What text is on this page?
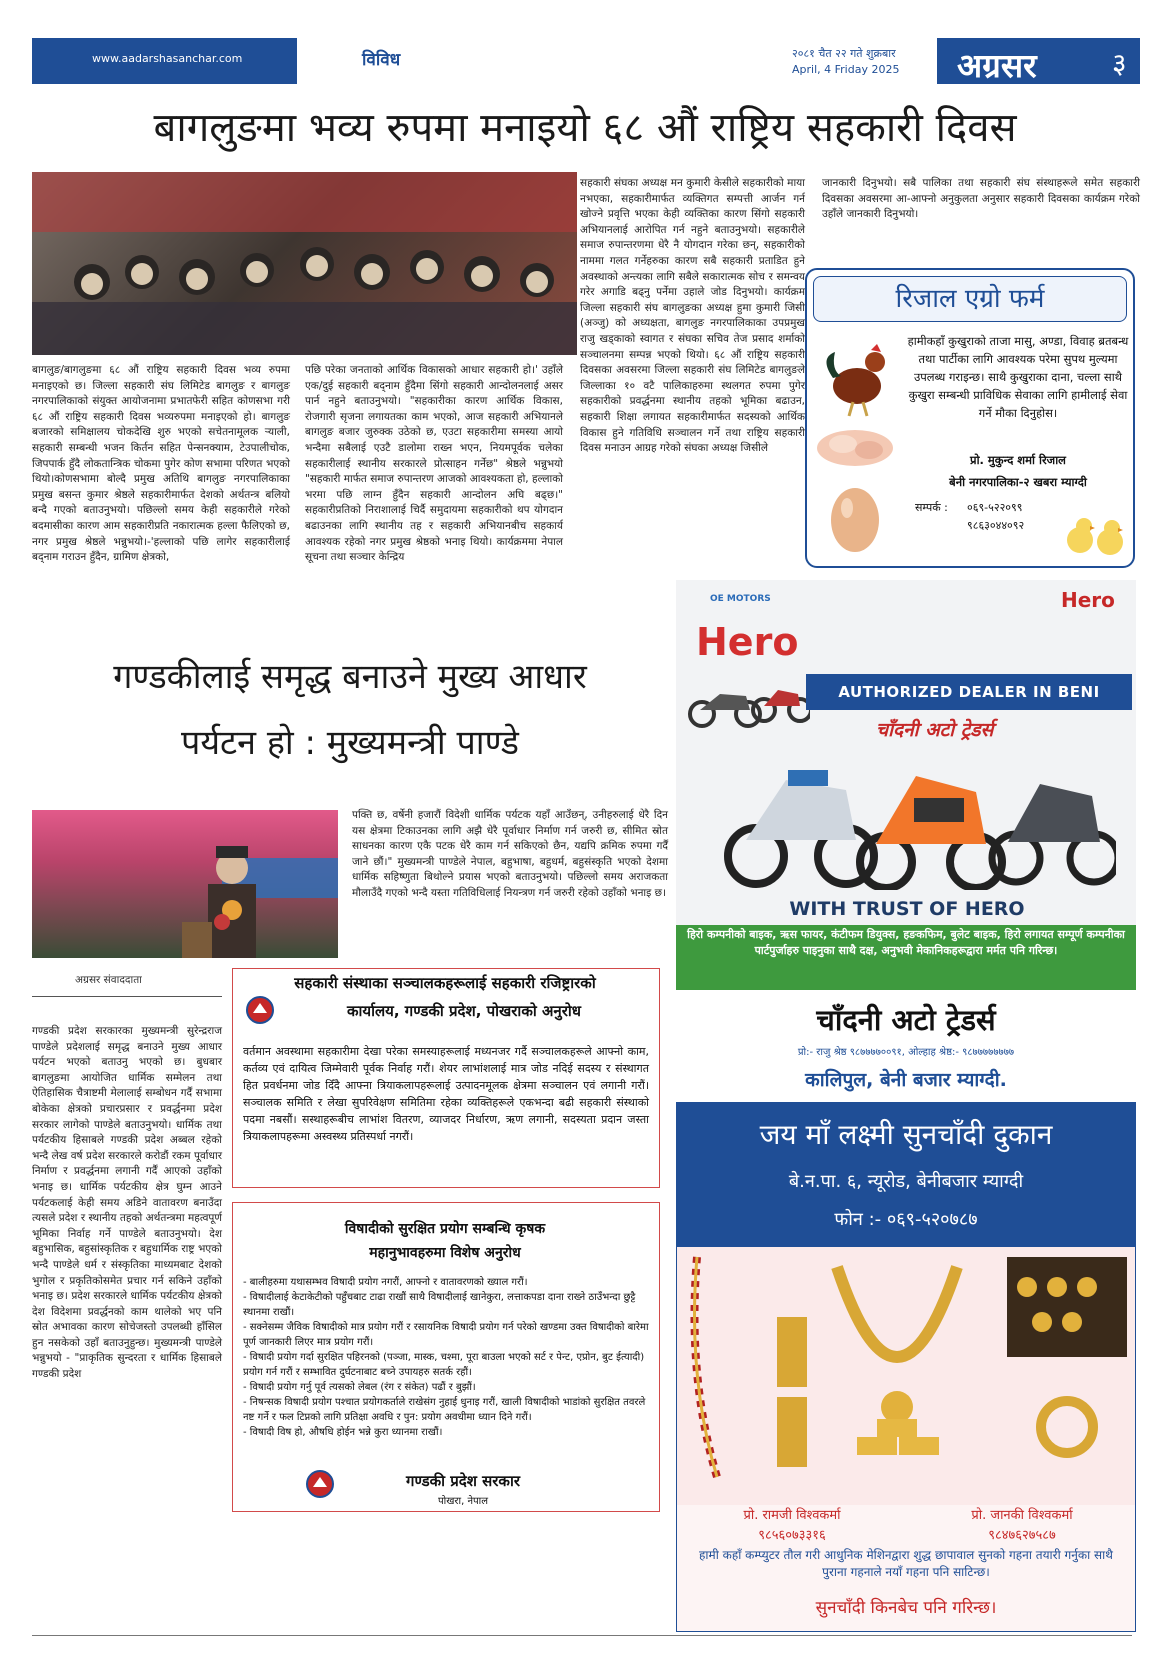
www.aadarshasanchar.com	विविध	२०८१ चैत २२ गते शुक्रबार
April, 4 Friday 2025 अग्रसर	३
बागलुङमा भव्य रुपमा मनाइयो ६८ औं राष्ट्रिय सहकारी दिवस
बागलुङ/बागलुङमा ६८ औं राष्ट्रिय सहकारी दिवस भव्य रुपमा मनाइएको छ। जिल्ला सहकारी संघ लिमिटेड बागलुङ र बागलुङ नगरपालिकाको संयुक्त आयोजनामा प्रभातफेरी सहित कोणसभा गरी ६८ औं राष्ट्रिय सहकारी दिवस भव्यरुपमा मनाइएको हो। बागलुङ बजारको समिक्षालय चोकदेखि शुरु भएको सचेतनामूलक र्‍याली, सहकारी सम्बन्धी भजन किर्तन सहित पेन्सनक्याम, टेउपालीचोक, जिपपार्क हुँदै लोकतान्त्रिक चोकमा पुगेर कोण सभामा परिणत भएको थियो।कोणसभामा बोल्दै प्रमुख अतिथि बागलुङ नगरपालिकाका प्रमुख बसन्त कुमार श्रेष्ठले सहकारीमार्फत देशको अर्थतन्त्र बलियो बन्दै गएको बताउनुभयो। पछिल्लो समय केही सहकारीले गरेको बदमासीका कारण आम सहकारीप्रति नकारात्मक हल्ला फैलिएको छ, नगर प्रमुख श्रेष्ठले भन्नुभयो।-'हल्लाको पछि लागेर सहकारीलाई बद्नाम गराउन हुँदैन, ग्रामिण क्षेत्रको,
पछि परेका जनताको आर्थिक विकासको आधार सहकारी हो।' उहाँले एक/दुई सहकारी बद्नाम हुँदैमा सिंगो सहकारी आन्दोलनलाई असर पार्न नहुने बताउनुभयो। "सहकारीका कारण आर्थिक विकास, रोजगारी सृजना लगायतका काम भएको, आज सहकारी अभियानले बागलुङ बजार जुरुक्क उठेको छ, एउटा सहकारीमा समस्या आयो भन्दैमा सबैलाई एउटै डालोमा राख्न भएन, नियमपूर्वक चलेका सहकारीलाई स्थानीय सरकारले प्रोत्साहन गर्नेछ" श्रेष्ठले भन्नुभयो "सहकारी मार्फत समाज रुपान्तरण आजको आवश्यकता हो, हल्लाको भरमा पछि लाग्न हुँदैन सहकारी आन्दोलन अघि बढ्छ।" सहकारीप्रतिको निराशालाई चिर्दै समुदायमा सहकारीको थप योगदान बढाउनका लागि स्थानीय तह र सहकारी अभियानबीच सहकार्य आवश्यक रहेको नगर प्रमुख श्रेष्ठको भनाइ थियो। कार्यक्रममा नेपाल सूचना तथा सञ्चार केन्द्रिय
सहकारी संघका अध्यक्ष मन कुमारी केसीले सहकारीको माया नभएका, सहकारीमार्फत व्यक्तिगत सम्पत्ती आर्जन गर्न खोज्ने प्रवृत्ति भएका केही व्यक्तिका कारण सिंगो सहकारी अभियानलाई आरोपित गर्न नहुने बताउनुभयो। सहकारीले समाज रुपान्तरणमा धेरै नै योगदान गरेका छन्, सहकारीको नाममा गलत गर्नेहरुका कारण सबै सहकारी प्रताडित हुने अवस्थाको अन्त्यका लागि सबैले सकारात्मक सोच र समन्वय गरेर अगाडि बढ्नु पर्नेमा उहाले जोड दिनुभयो। कार्यक्रम जिल्ला सहकारी संघ बागलुङका अध्यक्ष हुमा कुमारी जिसी (अञ्जु) को अध्यक्षता, बागलुङ नगरपालिकाका उपप्रमुख राजु खड्काको स्वागत र संघका सचिव तेज प्रसाद शर्माको सञ्चालनमा सम्पन्न भएको थियो। ६८ औं राष्ट्रिय सहकारी दिवसका अवसरमा जिल्ला सहकारी संघ लिमिटेड बागलुङले जिल्लाका १० वटै पालिकाहरुमा स्थलगत रुपमा पुगेर सहकारीको प्रवर्द्धनमा स्थानीय तहको भूमिका बढाउन, सहकारी शिक्षा लगायत सहकारीमार्फत सदस्यको आर्थिक विकास हुने गतिविधि सञ्चालन गर्ने तथा राष्ट्रिय सहकारी दिवस मनाउन आग्रह गरेको संघका अध्यक्ष जिसीले
जानकारी दिनुभयो। सबै पालिका तथा सहकारी संघ संस्थाहरूले समेत सहकारी दिवसका अवसरमा आ-आफ्नो अनुकुलता अनुसार सहकारी दिवसका कार्यक्रम गरेको उहाँले जानकारी दिनुभयो।
रिजाल एग्रो फर्म
हामीकहाँ कुखुराको ताजा मासु, अण्डा, विवाह ब्रतबन्ध तथा पार्टीका लागि आवश्यक परेमा सुपथ मुल्यमा उपलब्ध गराइन्छ। साथै कुखुराका दाना, चल्ला साथै कुखुरा सम्बन्धी प्राविधिक सेवाका लागि हामीलाई सेवा गर्ने मौका दिनुहोस।
प्रो. मुकुन्द शर्मा रिजाल
बेनी नगरपालिका-२ खबरा म्याग्दी
सम्पर्क : ०६९-५२२०९९
९८६३०४४०९२
गण्डकीलाई समृद्ध बनाउने मुख्य आधार
पर्यटन हो : मुख्यमन्त्री पाण्डे
पक्ति छ, वर्षेनी हजारौं विदेशी धार्मिक पर्यटक यहाँ आउँछन्, उनीहरुलाई धेरै दिन यस क्षेत्रमा टिकाउनका लागि अझै धेरै पूर्वाधार निर्माण गर्न जरुरी छ, सीमित स्रोत साधनका कारण एकै पटक धेरै काम गर्न सकिएको छैन, यद्यपि क्रमिक रुपमा गर्दैं जाने छौं।" मुख्यमन्त्री पाण्डेले नेपाल, बहुभाषा, बहुधर्म, बहुसंस्कृति भएको देशमा धार्मिक सहिष्णुता बिथोल्ने प्रयास भएको बताउनुभयो। पछिल्लो समय अराजकता मौलाउँदै गएको भन्दै यस्ता गतिविधिलाई नियन्त्रण गर्न जरुरी रहेको उहाँको भनाइ छ।
अग्रसर संवाददाता
गण्डकी प्रदेश सरकारका मुख्यमन्त्री सुरेन्द्रराज पाण्डेले प्रदेशलाई समृद्ध बनाउने मुख्य आधार पर्यटन भएको बताउनु भएको छ। बुधबार बागलुङमा आयोजित धार्मिक सम्मेलन तथा ऐतिहासिक चैत्राष्टमी मेलालाई सम्बोधन गर्दैं सभामा बोकेका क्षेत्रको प्रचारप्रसार र प्रवर्द्धनमा प्रदेश सरकार लागेको पाण्डेले बताउनुभयो। धार्मिक तथा पर्यटकीय हिसाबले गण्डकी प्रदेश अब्बल रहेको भन्दै लेख वर्ष प्रदेश सरकारले करोडौं रकम पूर्वाधार निर्माण र प्रवर्द्धनमा लगानी गर्दैं आएको उहाँको भनाइ छ। धार्मिक पर्यटकीय क्षेत्र घुम्न आउने पर्यटकलाई केही समय अडिने वातावरण बनाउँदा त्यसले प्रदेश र स्थानीय तहको अर्थतन्त्रमा महत्वपूर्ण भूमिका निर्वाह गर्ने पाण्डेले बताउनुभयो। देश बहुभासिक, बहुसांस्कृतिक र बहुधार्मिक राष्ट्र भएको भन्दै पाण्डेले धर्म र संस्कृतिका माध्यमबाट देशको भुगोल र प्रकृतिकोसमेत प्रचार गर्न सकिने उहाँको भनाइ छ। प्रदेश सरकारले धार्मिक पर्यटकीय क्षेत्रको देश विदेशमा प्रवर्द्धनको काम थालेको भए पनि स्रोत अभावका कारण सोचेजस्तो उपलब्धी हाँसिल हुन नसकेको उहाँ बताउनुहुन्छ। मुख्यमन्त्री पाण्डेले भन्नुभयो - "प्राकृतिक सुन्दरता र धार्मिक हिसाबले गण्डकी प्रदेश
सहकारी संस्थाका सञ्चालकहरूलाई सहकारी रजिष्ट्रारको
कार्यालय, गण्डकी प्रदेश, पोखराको अनुरोध
वर्तमान अवस्थामा सहकारीमा देखा परेका समस्याहरूलाई मध्यनजर गर्दै सञ्चालकहरूले आफ्नो काम, कर्तव्य एवं दायित्व जिम्मेवारी पूर्वक निर्वाह गरौं। शेयर लाभांशलाई मात्र जोड नदिई सदस्य र संस्थागत हित प्रवर्धनमा जोड दिँदै आफ्ना त्रियाकलापहरूलाई उत्पादनमूलक क्षेत्रमा सञ्चालन एवं लगानी गरौं। सञ्चालक समिति र लेखा सुपरिवेक्षण समितिमा रहेका व्यक्तिहरूले एकभन्दा बढी सहकारी संस्थाको पदमा नबसौं। सस्थाहरूबीच लाभांश वितरण, व्याजदर निर्धारण, ऋण लगानी, सदस्यता प्रदान जस्ता त्रियाकलापहरूमा अस्वस्थ्य प्रतिस्पर्धा नगरौं।
विषादीको सुरक्षित प्रयोग सम्बन्धि कृषक
महानुभावहरुमा विशेष अनुरोध
- बालीहरुमा यथासम्भव विषादी प्रयोग नगरौं, आफ्नो र वातावरणको ख्याल गरौं।
- विषादीलाई केटाकेटीको पहुँचबाट टाढा राखौं साथै विषादीलाई खानेकुरा, लत्ताकपडा दाना राख्ने ठाउँभन्दा छुट्टै स्थानमा राखौं।
- सक्नेसम्म जैविक विषादीको मात्र प्रयोग गरौं र रसायनिक विषादी प्रयोग गर्न परेको खण्डमा उक्त विषादीको बारेमा पूर्ण जानकारी लिएर मात्र प्रयोग गरौं।
- विषादी प्रयोग गर्दा सुरक्षित पहिरनको (पञ्जा, मास्क, चश्मा, पूरा बाउला भएको सर्ट र पेन्ट, एप्रोन, बुट ईत्यादी) प्रयोग गर्न गरौं र सम्भावित दुर्घटनाबाट बच्ने उपायहरु सतर्क रहौं।
- विषादी प्रयोग गर्नु पूर्व त्यसको लेबल (रंग र संकेत) पढौं र बुझौं।
- निषन्सक विषादी प्रयोग पश्चात प्रयोगकर्ताले राखेसंग नुहाई धुनाइ गरौं, खाली विषादीको भाडांको सुरक्षित तवरले नष्ट गर्ने र फल टिप्नको लागि प्रतिक्षा अवधि र पुन: प्रयोग अवधीमा ध्यान दिने गरौं।
- विषादी विष हो, औषधि होईन भन्ने कुरा ध्यानमा राखौं।
गण्डकी प्रदेश सरकार
पोखरा, नेपाल
OE MOTORS	Hero
Hero
AUTHORIZED DEALER IN BENI
चाँदनी अटो ट्रेडर्स
WITH TRUST OF HERO
हिरो कम्पनीको बाइक, ऋस फायर, कंटीफम डियुक्स, हङकफिम, बुलेट बाइक, हिरो लगायत सम्पूर्ण कम्पनीका पार्टपुर्जाहरु पाइनुका साथै दक्ष, अनुभवी मेकानिकहरूद्वारा मर्मत पनि गरिन्छ।
चाँदनी अटो ट्रेडर्स
प्रो:- राजु श्रेष्ठ ९८७७७७००९१, ओल्हाह श्रेष्ठ:- ९८७७७७७७७७
कालिपुल, बेनी बजार म्याग्दी.
जय माँ लक्ष्मी सुनचाँदी दुकान
बे.न.पा. ६, न्यूरोड, बेनीबजार म्याग्दी
फोन :- ०६९-५२०७८७
प्रो. रामजी विश्वकर्मा
९८५६०७३३१६
प्रो. जानकी विश्वकर्मा
९८४७६२७५८७
हामी कहाँ कम्प्युटर तौल गरी आधुनिक मेशिनद्वारा शुद्ध छापावाल सुनको गहना तयारी गर्नुका साथै पुराना गहनाले नयाँ गहना पनि साटिन्छ।
सुनचाँदी किनबेच पनि गरिन्छ।
